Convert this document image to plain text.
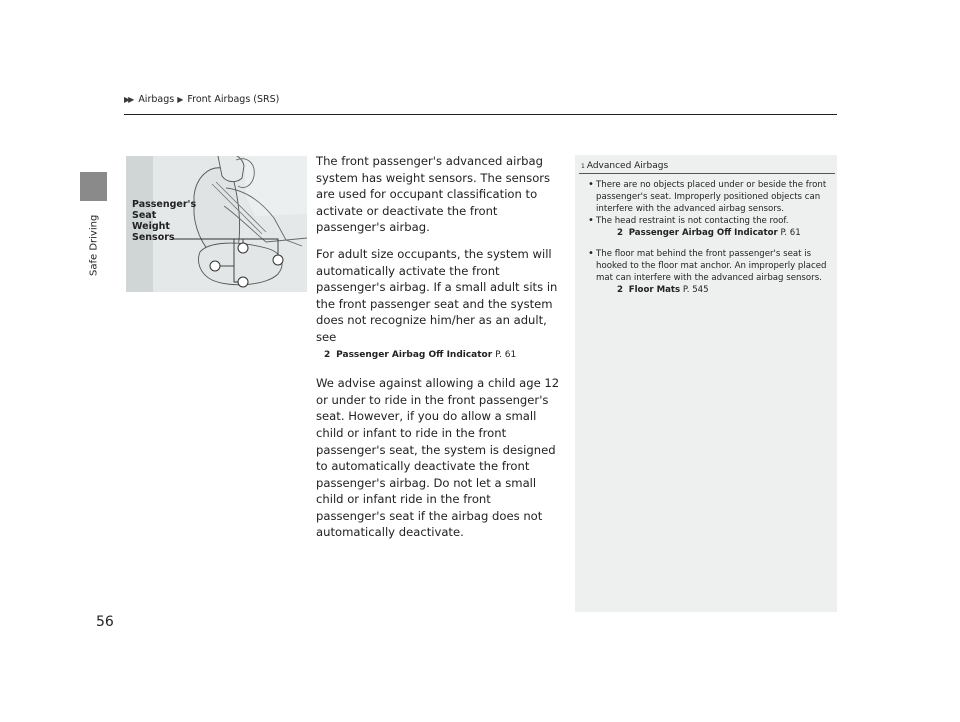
▶▶ Airbags ▶ Front Airbags (SRS)
Safe Driving
Passenger's
Seat
Weight
Sensors

The front passenger's advanced airbag system has weight sensors. The sensors are used for occupant classification to activate or deactivate the front passenger's airbag.

For adult size occupants, the system will automatically activate the front passenger's airbag. If a small adult sits in the front passenger seat and the system does not recognize him/her as an adult, see

2 Passenger Airbag Off Indicator P. 61

We advise against allowing a child age 12 or under to ride in the front passenger's seat. However, if you do allow a small child or infant to ride in the front passenger's seat, the system is designed to automatically deactivate the front passenger's airbag. Do not let a small child or infant ride in the front passenger's seat if the airbag does not automatically deactivate.

1 Advanced Airbags
• There are no objects placed under or beside the front passenger's seat. Improperly positioned objects can interfere with the advanced airbag sensors.
• The head restraint is not contacting the roof.
2 Passenger Airbag Off Indicator P. 61
• The floor mat behind the front passenger's seat is hooked to the floor mat anchor. An improperly placed mat can interfere with the advanced airbag sensors.
2 Floor Mats P. 545
56
